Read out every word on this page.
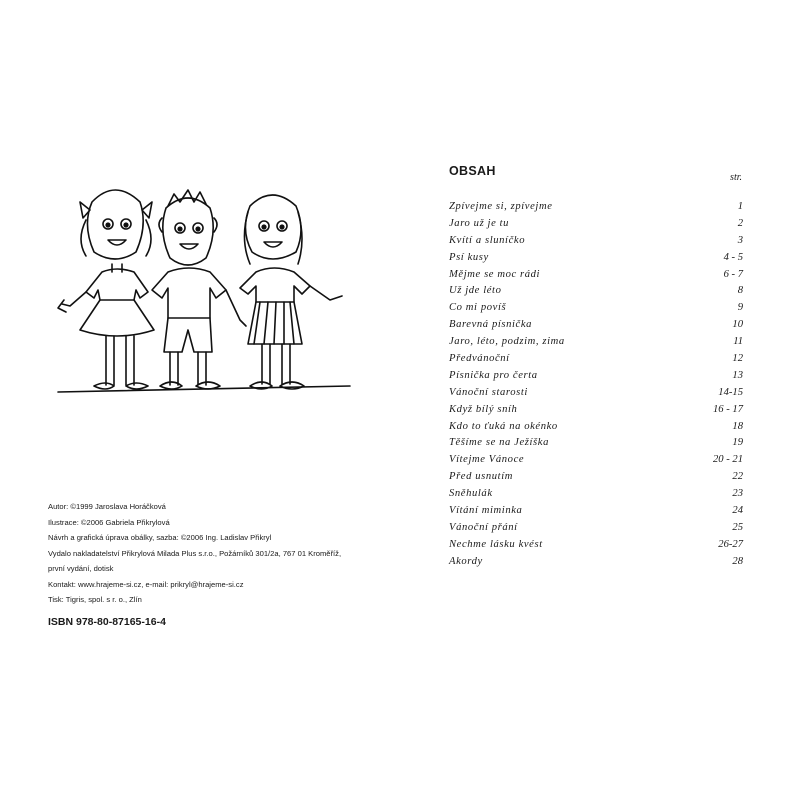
Autor: ©1999 Jaroslava Horáčková
Ilustrace: ©2006 Gabriela Přikrylová
Návrh a grafická úprava obálky, sazba: ©2006 Ing. Ladislav Přikryl
Vydalo nakladatelství Přikrylová Milada Plus s.r.o., Požárníků 301/2a, 767 01 Kroměříž,
první vydání, dotisk
Kontakt: www.hrajeme-si.cz, e-mail: prikryl@hrajeme-si.cz
Tisk: Tigris, spol. s r. o., Zlín
ISBN 978-80-87165-16-4
OBSAH	str.
Zpívejme si, zpívejme	1
Jaro už je tu	2
Kvítí a sluníčko	3
Psí kusy	4 - 5
Mějme se moc rádi	6 - 7
Už jde léto	8
Co mi povíš	9
Barevná písnička	10
Jaro, léto, podzim, zima	11
Předvánoční	12
Písnička pro čerta	13
Vánoční starosti	14-15
Když bílý sníh	16 - 17
Kdo to ťuká na okénko	18
Těšíme se na Ježíška	19
Vítejme Vánoce	20 - 21
Před usnutím	22
Sněhulák	23
Vítání miminka	24
Vánoční přání	25
Nechme lásku kvést	26-27
Akordy	28
